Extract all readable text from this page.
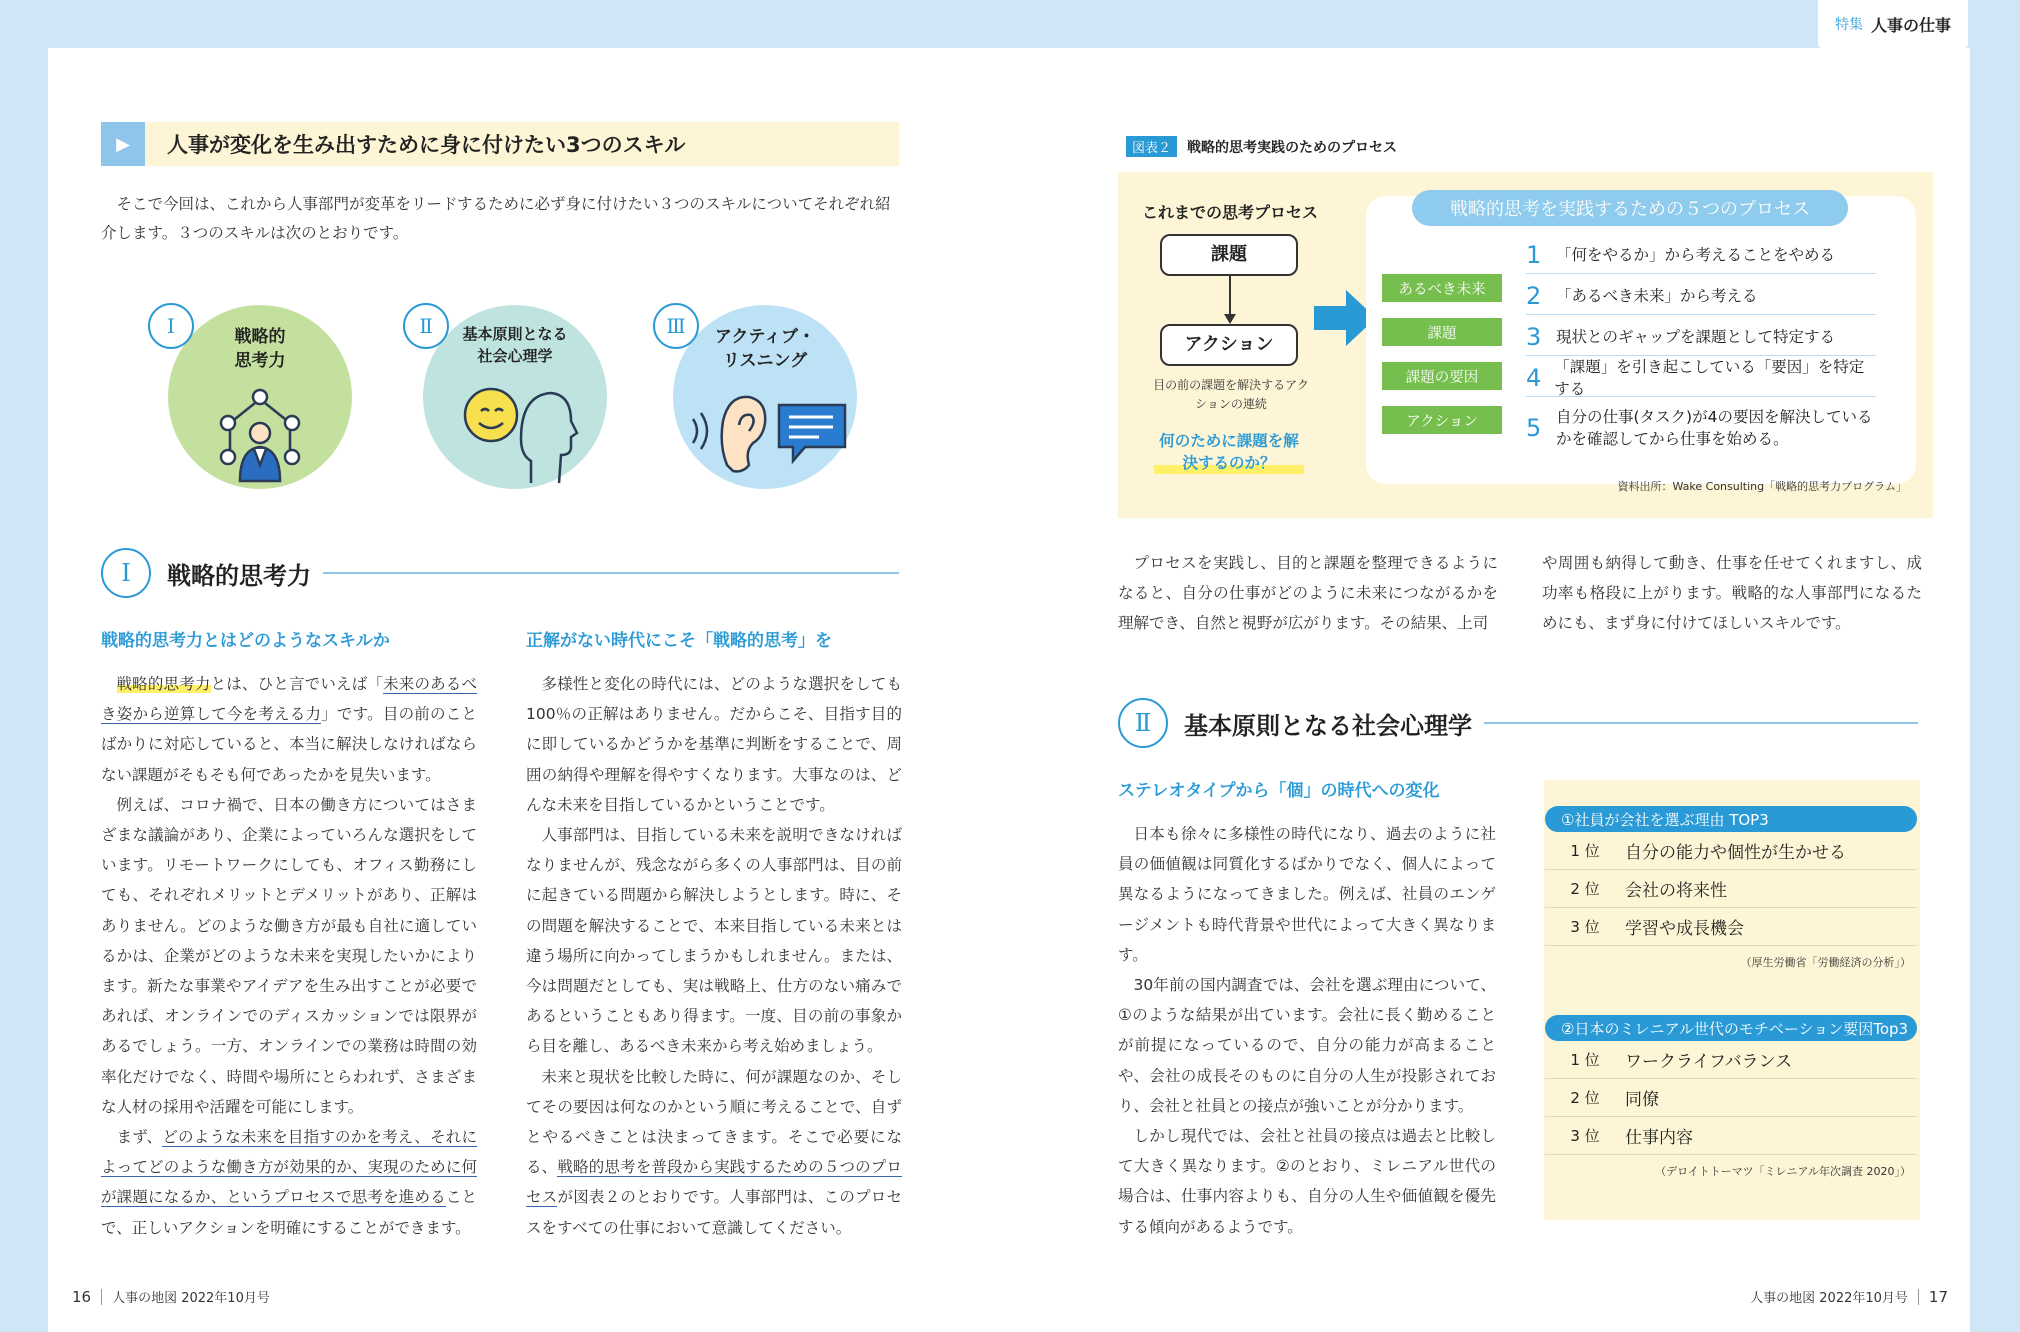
特集 人事の仕事
▶	人事が変化を生み出すために身に付けたい3つのスキル
そこで今回は、これから人事部門が変革をリードするために必ず身に付けたい３つのスキルについてそれぞれ紹介します。３つのスキルは次のとおりです。
Ⅰ	戦略的
思考力
Ⅱ	基本原則となる
社会心理学
Ⅲ	アクティブ・
リスニング
Ⅰ	戦略的思考力
戦略的思考力とはどのようなスキルか

戦略的思考力とは、ひと言でいえば「未来のあるべき姿から逆算して今を考える力」です。目の前のことばかりに対応していると、本当に解決しなければならない課題がそもそも何であったかを見失います。

例えば、コロナ禍で、日本の働き方についてはさまざまな議論があり、企業によっていろんな選択をしています。リモートワークにしても、オフィス勤務にしても、それぞれメリットとデメリットがあり、正解はありません。どのような働き方が最も自社に適しているかは、企業がどのような未来を実現したいかによります。新たな事業やアイデアを生み出すことが必要であれば、オンラインでのディスカッションでは限界があるでしょう。一方、オンラインでの業務は時間の効率化だけでなく、時間や場所にとらわれず、さまざまな人材の採用や活躍を可能にします。

まず、どのような未来を目指すのかを考え、それによってどのような働き方が効果的か、実現のために何が課題になるか、というプロセスで思考を進めることで、正しいアクションを明確にすることができます。

正解がない時代にこそ「戦略的思考」を

多様性と変化の時代には、どのような選択をしても100％の正解はありません。だからこそ、目指す目的に即しているかどうかを基準に判断をすることで、周囲の納得や理解を得やすくなります。大事なのは、どんな未来を目指しているかということです。

人事部門は、目指している未来を説明できなければなりませんが、残念ながら多くの人事部門は、目の前に起きている問題から解決しようとします。時に、その問題を解決することで、本来目指している未来とは違う場所に向かってしまうかもしれません。または、今は問題だとしても、実は戦略上、仕方のない痛みであるということもあり得ます。一度、目の前の事象から目を離し、あるべき未来から考え始めましょう。

未来と現状を比較した時に、何が課題なのか、そしてその要因は何なのかという順に考えることで、自ずとやるべきことは決まってきます。そこで必要になる、戦略的思考を普段から実践するための５つのプロセスが図表２のとおりです。人事部門は、このプロセスをすべての仕事において意識してください。

図表２	戦略的思考実践のためのプロセス
これまでの思考プロセス
課題
アクション
目の前の課題を解決するアクションの連続
何のために課題を解決するのか？
戦略的思考を実践するための５つのプロセス
あるべき未来
課題
課題の要因
アクション
1 「何をやるか」から考えることをやめる
2 「あるべき未来」から考える
3 現状とのギャップを課題として特定する
4 「課題」を引き起こしている「要因」を特定する
5 自分の仕事(タスク)が4の要因を解決しているかを確認してから仕事を始める。
資料出所：Wake Consulting「戦略的思考力プログラム」

プロセスを実践し、目的と課題を整理できるようになると、自分の仕事がどのように未来につながるかを理解でき、自然と視野が広がります。その結果、上司

や周囲も納得して動き、仕事を任せてくれますし、成功率も格段に上がります。戦略的な人事部門になるためにも、まず身に付けてほしいスキルです。

Ⅱ	基本原則となる社会心理学
ステレオタイプから「個」の時代への変化

日本も徐々に多様性の時代になり、過去のように社員の価値観は同質化するばかりでなく、個人によって異なるようになってきました。例えば、社員のエンゲージメントも時代背景や世代によって大きく異なります。

30年前の国内調査では、会社を選ぶ理由について、①のような結果が出ています。会社に長く勤めることが前提になっているので、自分の能力が高まることや、会社の成長そのものに自分の人生が投影されており、会社と社員との接点が強いことが分かります。

しかし現代では、会社と社員の接点は過去と比較して大きく異なります。②のとおり、ミレニアル世代の場合は、仕事内容よりも、自分の人生や価値観を優先する傾向があるようです。

①社員が会社を選ぶ理由 TOP3
1 位	自分の能力や個性が生かせる
2 位	会社の将来性
3 位	学習や成長機会
（厚生労働省「労働経済の分析」）
②日本のミレニアル世代のモチベーション要因Top3
1 位	ワークライフバランス
2 位	同僚
3 位	仕事内容
（デロイトトーマツ「ミレニアル年次調査 2020」）
16 人事の地図 2022年10月号	人事の地図 2022年10月号 17
